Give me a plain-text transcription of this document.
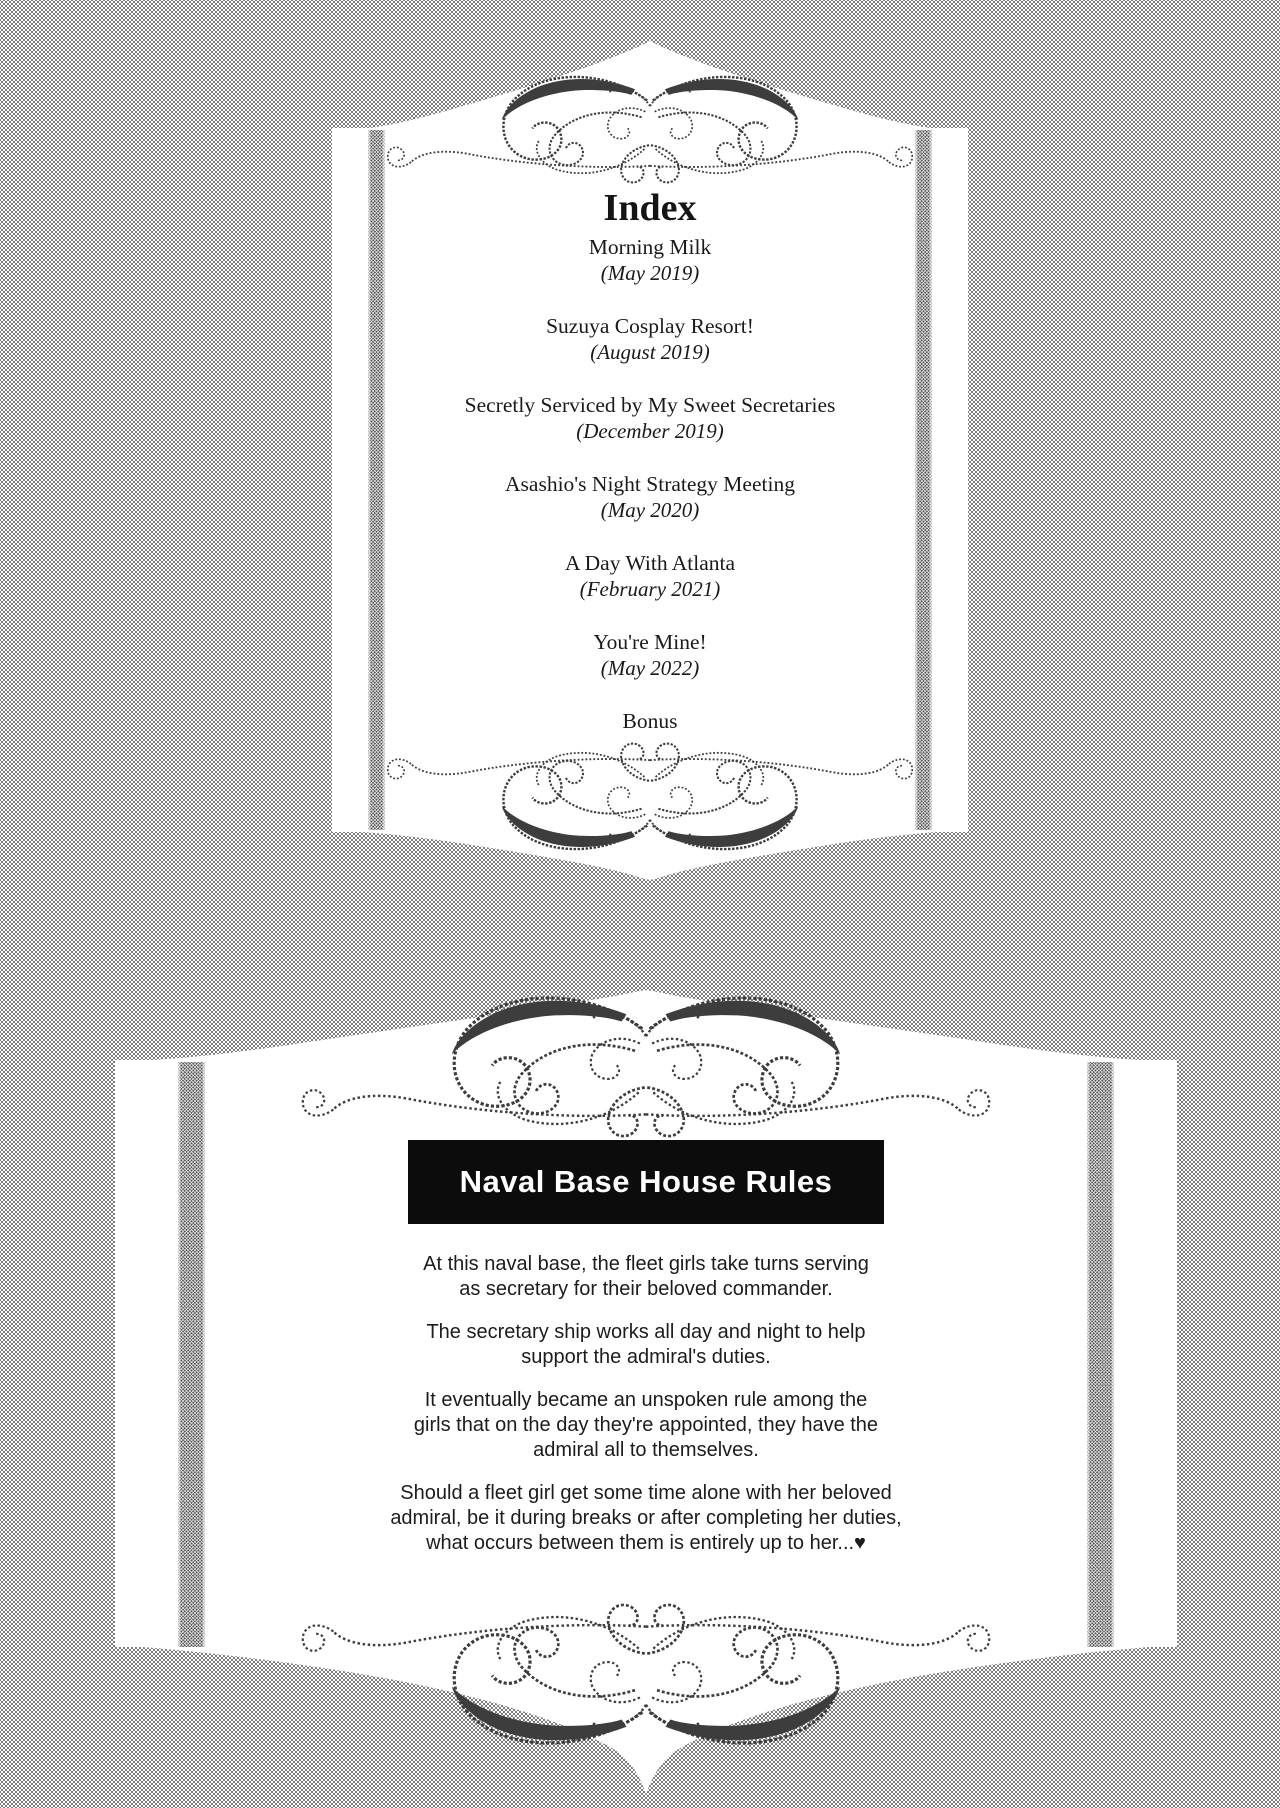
Index
Morning Milk
(May 2019)
Suzuya Cosplay Resort!
(August 2019)
Secretly Serviced by My Sweet Secretaries
(December 2019)
Asashio's Night Strategy Meeting
(May 2020)
A Day With Atlanta
(February 2021)
You're Mine!
(May 2022)
Bonus
Naval Base House Rules
At this naval base, the fleet girls take turns serving
as secretary for their beloved commander.
The secretary ship works all day and night to help
support the admiral's duties.
It eventually became an unspoken rule among the
girls that on the day they're appointed, they have the
admiral all to themselves.
Should a fleet girl get some time alone with her beloved
admiral, be it during breaks or after completing her duties,
what occurs between them is entirely up to her...♥
